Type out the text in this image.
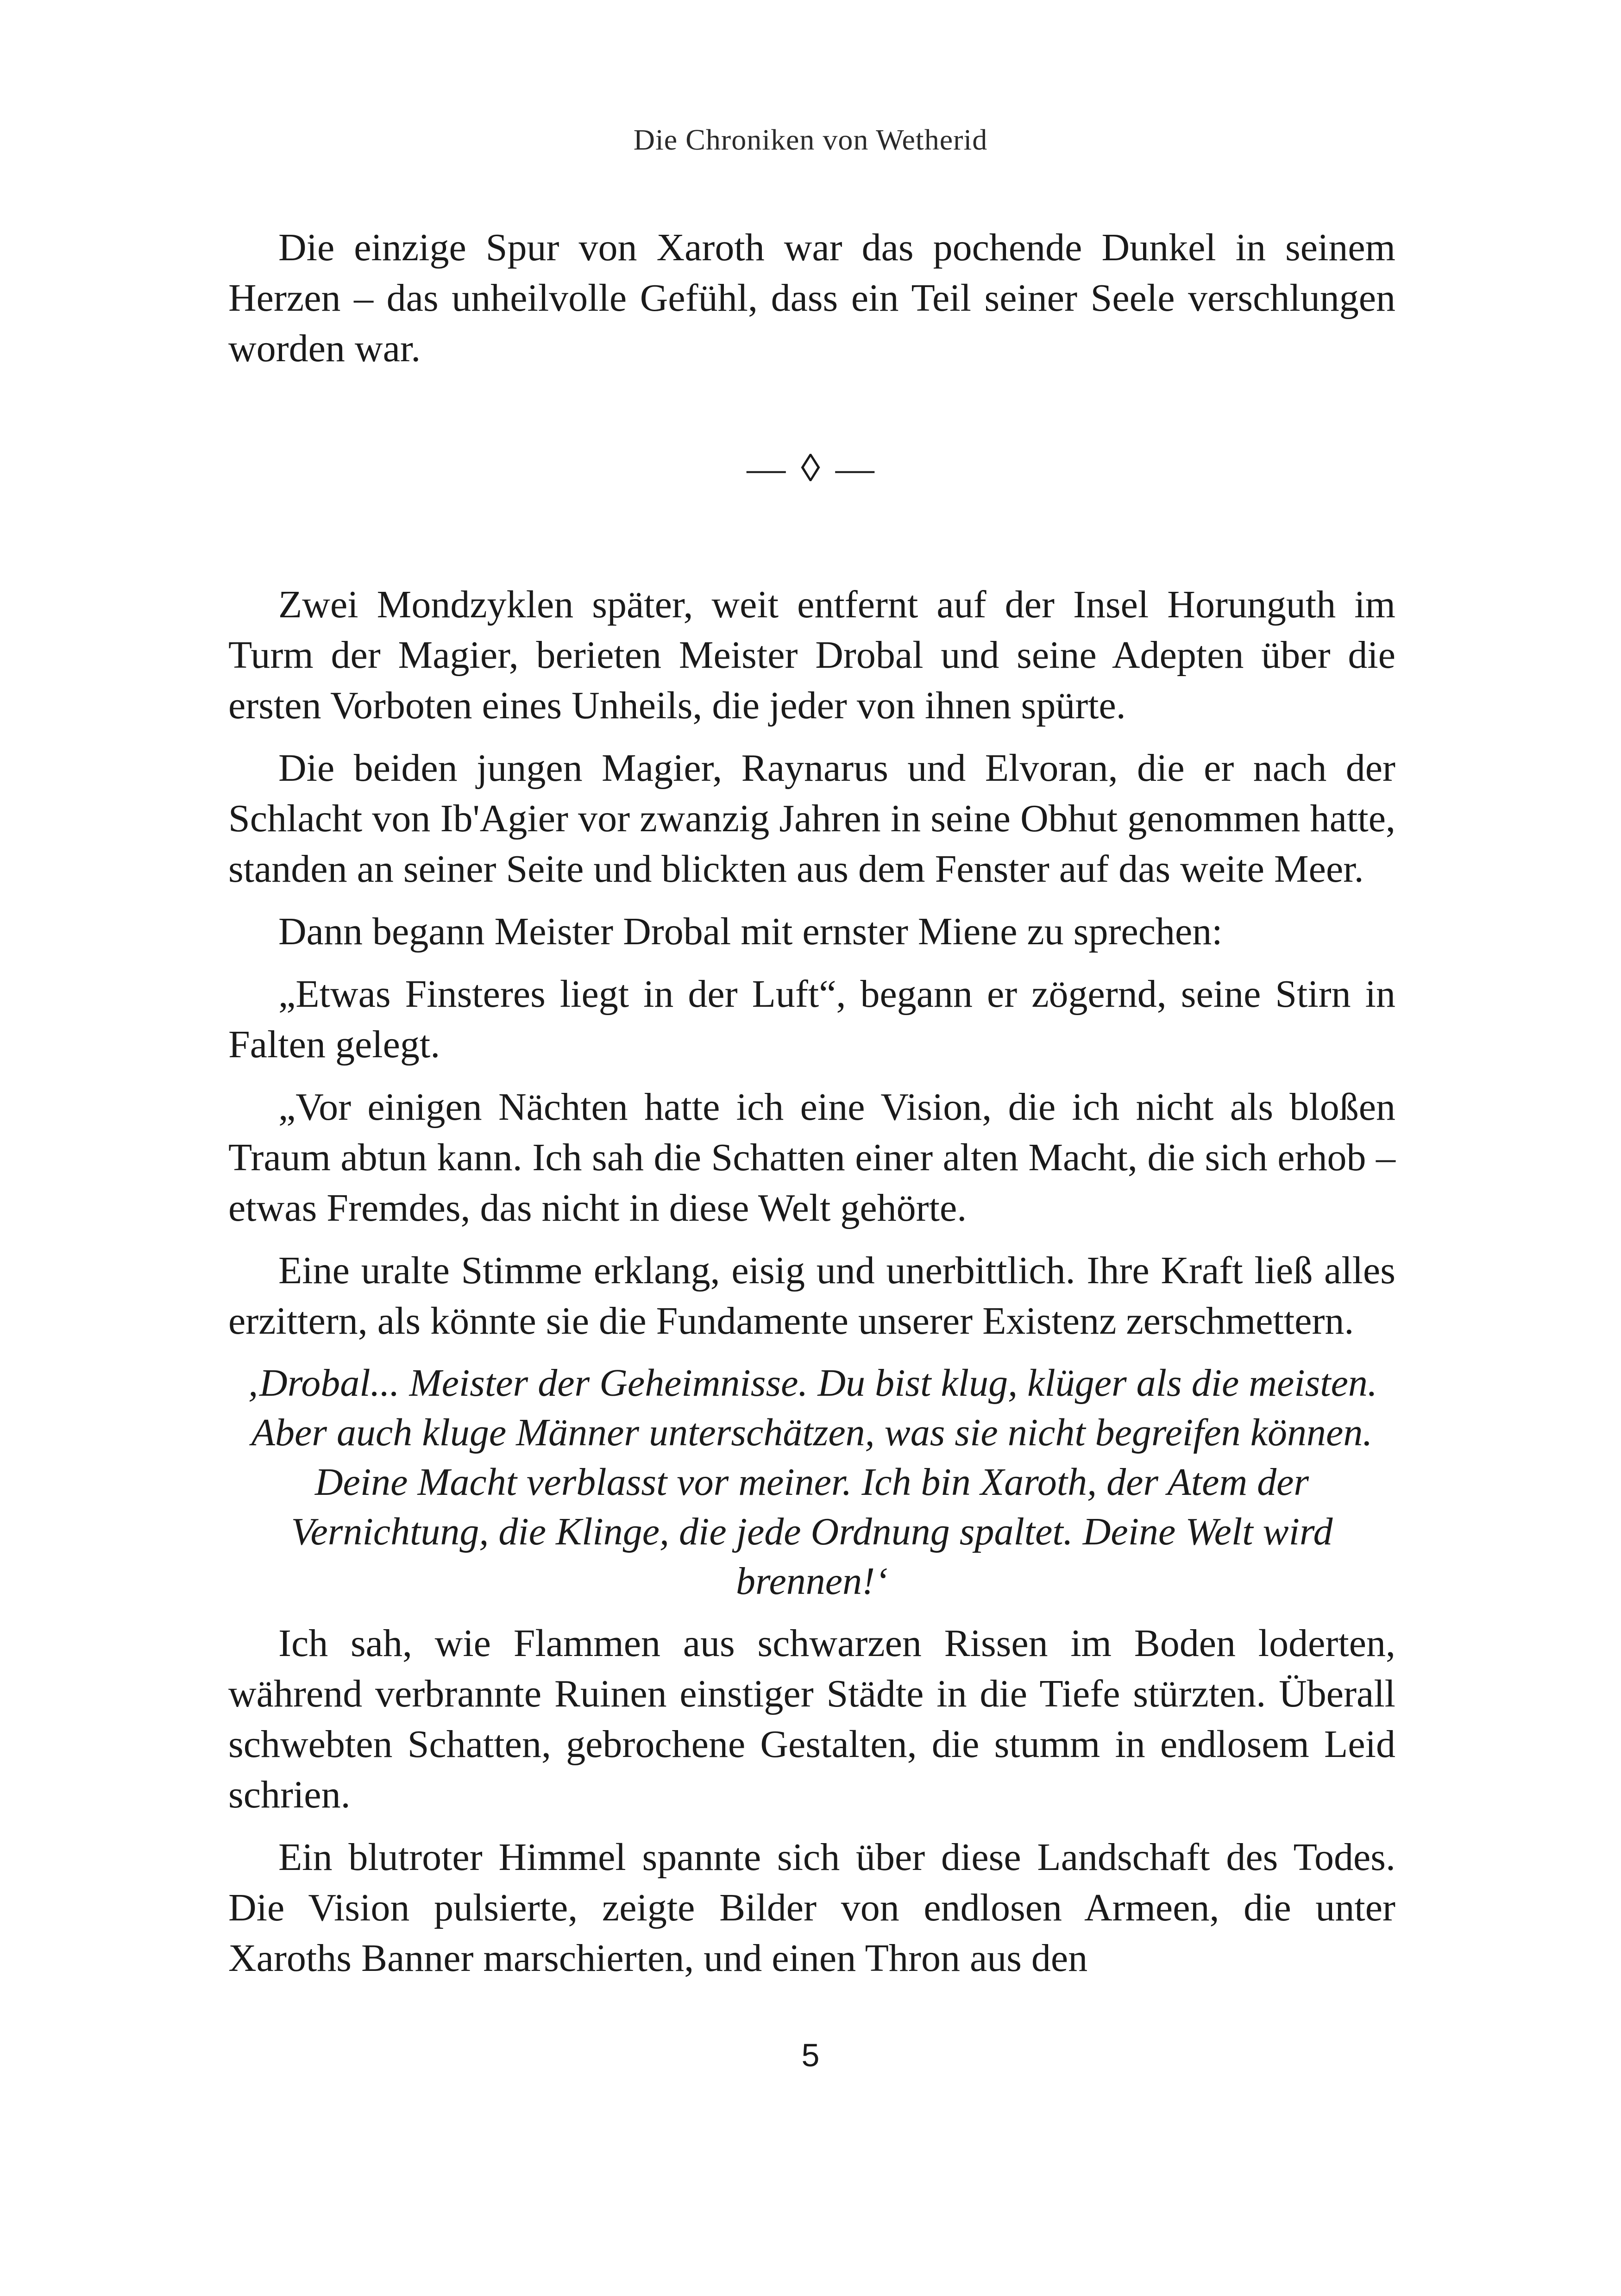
Die Chroniken von Wetherid

Die einzige Spur von Xaroth war das pochende Dunkel in seinem Herzen – das unheilvolle Gefühl, dass ein Teil seiner Seele verschlungen worden war.

— ◊ —

Zwei Mondzyklen später, weit entfernt auf der Insel Horunguth im Turm der Magier, berieten Meister Drobal und seine Adepten über die ersten Vorboten eines Unheils, die jeder von ihnen spürte.

Die beiden jungen Magier, Raynarus und Elvoran, die er nach der Schlacht von Ib'Agier vor zwanzig Jahren in seine Obhut genommen hatte, standen an seiner Seite und blickten aus dem Fenster auf das weite Meer.

Dann begann Meister Drobal mit ernster Miene zu sprechen:

„Etwas Finsteres liegt in der Luft“, begann er zögernd, seine Stirn in Falten gelegt.

„Vor einigen Nächten hatte ich eine Vision, die ich nicht als bloßen Traum abtun kann. Ich sah die Schatten einer alten Macht, die sich erhob – etwas Fremdes, das nicht in diese Welt gehörte.

Eine uralte Stimme erklang, eisig und unerbittlich. Ihre Kraft ließ alles erzittern, als könnte sie die Fundamente unserer Existenz zerschmettern.

‚Drobal... Meister der Geheimnisse. Du bist klug, klüger als die meisten. Aber auch kluge Männer unterschätzen, was sie nicht begreifen können. Deine Macht verblasst vor meiner. Ich bin Xaroth, der Atem der Vernichtung, die Klinge, die jede Ordnung spaltet. Deine Welt wird brennen!‘

Ich sah, wie Flammen aus schwarzen Rissen im Boden loderten, während verbrannte Ruinen einstiger Städte in die Tiefe stürzten. Überall schwebten Schatten, gebrochene Gestalten, die stumm in endlosem Leid schrien.

Ein blutroter Himmel spannte sich über diese Landschaft des Todes. Die Vision pulsierte, zeigte Bilder von endlosen Armeen, die unter Xaroths Banner marschierten, und einen Thron aus den

5
